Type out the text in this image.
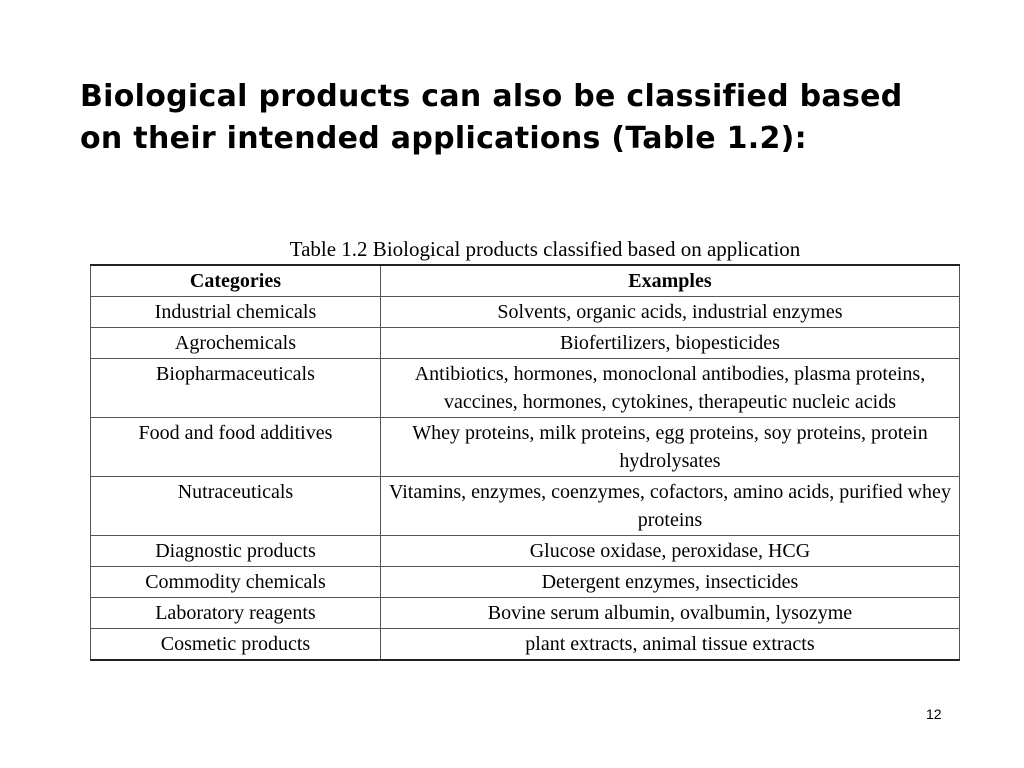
Biological products can also be classified based
on their intended applications (Table 1.2):
Table 1.2 Biological products classified based on application
Categories	Examples
Industrial chemicals	Solvents, organic acids, industrial enzymes
Agrochemicals	Biofertilizers, biopesticides
Biopharmaceuticals	Antibiotics, hormones, monoclonal antibodies, plasma proteins, vaccines, hormones, cytokines, therapeutic nucleic acids
Food and food additives	Whey proteins, milk proteins, egg proteins, soy proteins, protein hydrolysates
Nutraceuticals	Vitamins, enzymes, coenzymes, cofactors, amino acids, purified whey proteins
Diagnostic products	Glucose oxidase, peroxidase, HCG
Commodity chemicals	Detergent enzymes, insecticides
Laboratory reagents	Bovine serum albumin, ovalbumin, lysozyme
Cosmetic products	plant extracts, animal tissue extracts
12
